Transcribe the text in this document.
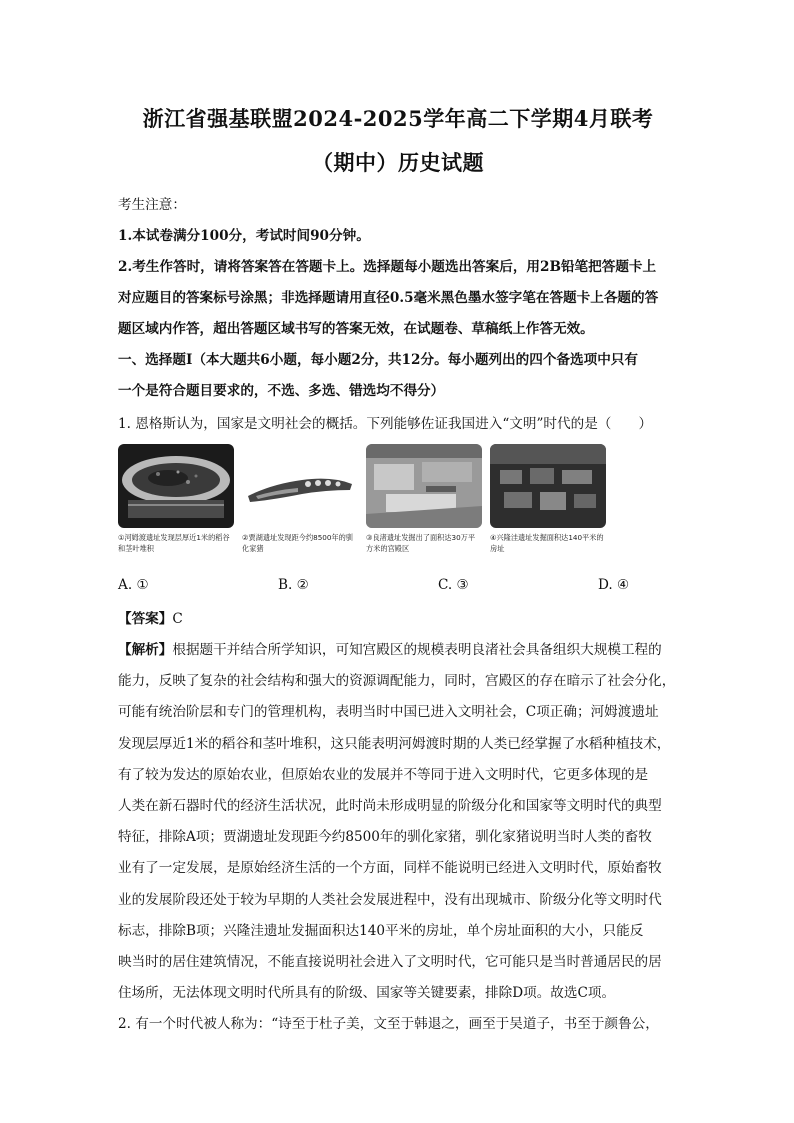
浙江省强基联盟2024-2025学年高二下学期4月联考
（期中）历史试题

考生注意：

1.本试卷满分100分，考试时间90分钟。

2.考生作答时，请将答案答在答题卡上。选择题每小题选出答案后，用2B铅笔把答题卡上

对应题目的答案标号涂黑；非选择题请用直径0.5毫米黑色墨水签字笔在答题卡上各题的答

题区域内作答，超出答题区域书写的答案无效，在试题卷、草稿纸上作答无效。

一、选择题Ⅰ（本大题共6小题，每小题2分，共12分。每小题列出的四个备选项中只有

一个是符合题目要求的，不选、多选、错选均不得分）

1. 恩格斯认为，国家是文明社会的概括。下列能够佐证我国进入“文明”时代的是（　　）

①河姆渡遗址发现层厚近1米的稻谷和茎叶堆积
②贾湖遗址发现距今约8500年的驯化家猪
③良渚遗址发掘出了面积达30万平方米的宫殿区
④兴隆洼遗址发掘面积达140平米的房址
A. ①	B. ②	C. ③	D. ④

【答案】C

【解析】根据题干并结合所学知识，可知宫殿区的规模表明良渚社会具备组织大规模工程的

能力，反映了复杂的社会结构和强大的资源调配能力，同时，宫殿区的存在暗示了社会分化，

可能有统治阶层和专门的管理机构，表明当时中国已进入文明社会，C项正确；河姆渡遗址

发现层厚近1米的稻谷和茎叶堆积，这只能表明河姆渡时期的人类已经掌握了水稻种植技术，

有了较为发达的原始农业，但原始农业的发展并不等同于进入文明时代，它更多体现的是

人类在新石器时代的经济生活状况，此时尚未形成明显的阶级分化和国家等文明时代的典型

特征，排除A项；贾湖遗址发现距今约8500年的驯化家猪，驯化家猪说明当时人类的畜牧

业有了一定发展，是原始经济生活的一个方面，同样不能说明已经进入文明时代，原始畜牧

业的发展阶段还处于较为早期的人类社会发展进程中，没有出现城市、阶级分化等文明时代

标志，排除B项；兴隆洼遗址发掘面积达140平米的房址，单个房址面积的大小，只能反

映当时的居住建筑情况，不能直接说明社会进入了文明时代，它可能只是当时普通居民的居

住场所，无法体现文明时代所具有的阶级、国家等关键要素，排除D项。故选C项。

2. 有一个时代被人称为：“诗至于杜子美，文至于韩退之，画至于吴道子，书至于颜鲁公，
